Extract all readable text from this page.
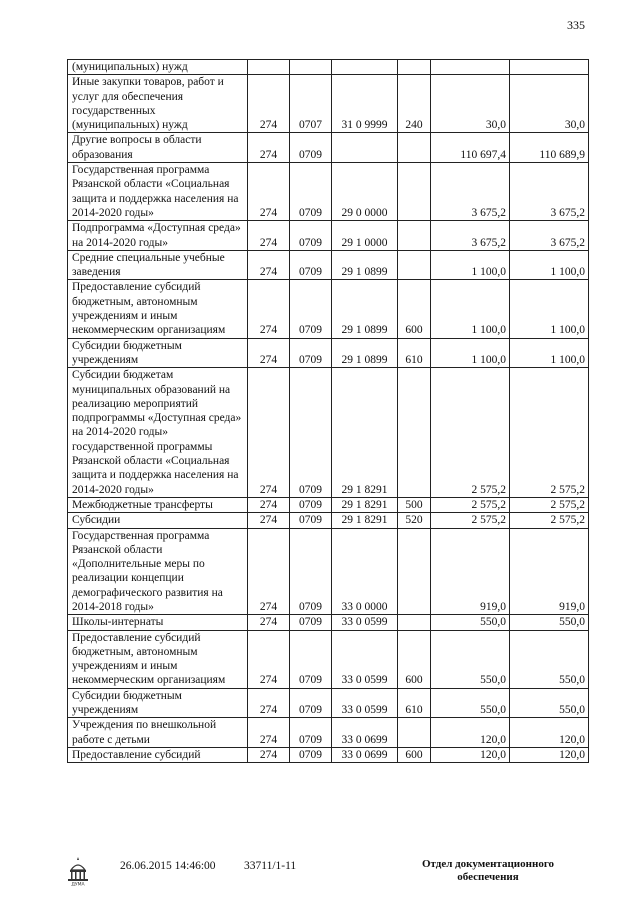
335
(муниципальных) нужд						
Иные закупки товаров, работ и услуг для обеспечения государственных (муниципальных) нужд	274	0707	31 0 9999	240	30,0	30,0
Другие вопросы в области образования	274	0709			110 697,4	110 689,9
Государственная программа Рязанской области «Социальная защита и поддержка населения на 2014-2020 годы»	274	0709	29 0 0000		3 675,2	3 675,2
Подпрограмма «Доступная среда» на 2014-2020 годы»	274	0709	29 1 0000		3 675,2	3 675,2
Средние специальные учебные заведения	274	0709	29 1 0899		1 100,0	1 100,0
Предоставление субсидий бюджетным, автономным учреждениям и иным некоммерческим организациям	274	0709	29 1 0899	600	1 100,0	1 100,0
Субсидии бюджетным учреждениям	274	0709	29 1 0899	610	1 100,0	1 100,0
Субсидии бюджетам муниципальных образований на реализацию мероприятий подпрограммы «Доступная среда» на 2014-2020 годы» государственной программы Рязанской области «Социальная защита и поддержка населения на 2014-2020 годы»	274	0709	29 1 8291		2 575,2	2 575,2
Межбюджетные трансферты	274	0709	29 1 8291	500	2 575,2	2 575,2
Субсидии	274	0709	29 1 8291	520	2 575,2	2 575,2
Государственная программа Рязанской области «Дополнительные меры по реализации концепции демографического развития на 2014-2018 годы»	274	0709	33 0 0000		919,0	919,0
Школы-интернаты	274	0709	33 0 0599		550,0	550,0
Предоставление субсидий бюджетным, автономным учреждениям и иным некоммерческим организациям	274	0709	33 0 0599	600	550,0	550,0
Субсидии бюджетным учреждениям	274	0709	33 0 0599	610	550,0	550,0
Учреждения по внешкольной работе с детьми	274	0709	33 0 0699		120,0	120,0
Предоставление субсидий	274	0709	33 0 0699	600	120,0	120,0
ДУМА
26.06.2015 14:46:00 33711/1-11	Отдел документационного обеспечения
